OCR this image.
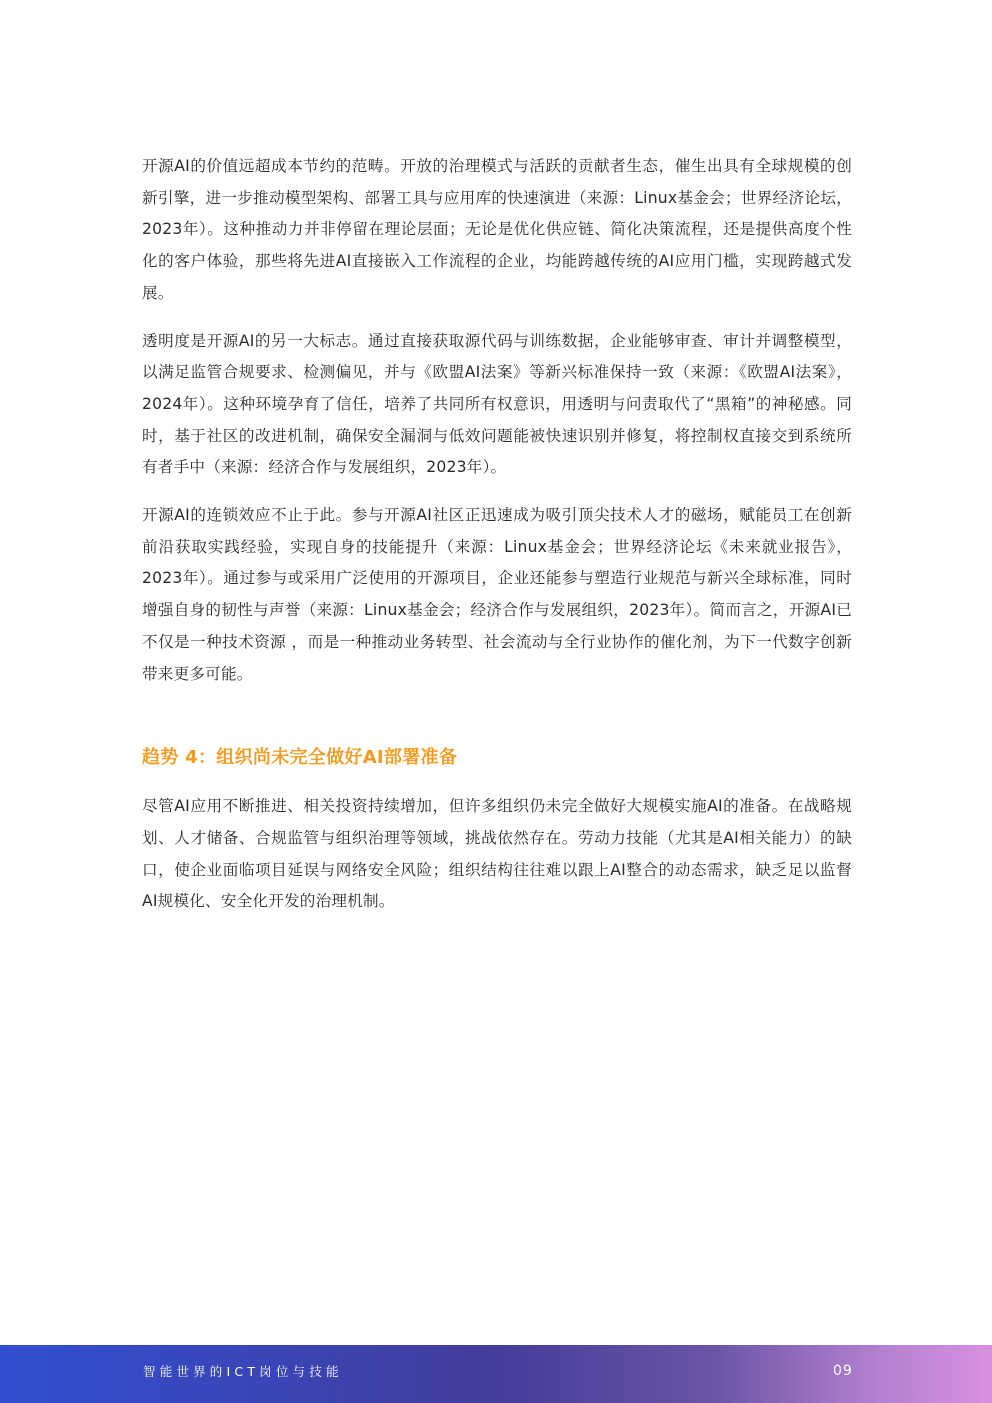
开源AI的价值远超成本节约的范畴。开放的治理模式与活跃的贡献者生态，催生出具有全球规模的创新引擎，进一步推动模型架构、部署工具与应用库的快速演进（来源：Linux基金会；世界经济论坛，2023年）。这种推动力并非停留在理论层面；无论是优化供应链、简化决策流程，还是提供高度个性化的客户体验，那些将先进AI直接嵌入工作流程的企业，均能跨越传统的AI应用门槛，实现跨越式发展。

透明度是开源AI的另一大标志。通过直接获取源代码与训练数据，企业能够审查、审计并调整模型，以满足监管合规要求、检测偏见，并与《欧盟AI法案》等新兴标准保持一致（来源：《欧盟AI法案》，2024年）。这种环境孕育了信任，培养了共同所有权意识，用透明与问责取代了“黑箱”的神秘感。同时，基于社区的改进机制，确保安全漏洞与低效问题能被快速识别并修复，将控制权直接交到系统所有者手中（来源：经济合作与发展组织，2023年）。

开源AI的连锁效应不止于此。参与开源AI社区正迅速成为吸引顶尖技术人才的磁场，赋能员工在创新前沿获取实践经验，实现自身的技能提升（来源：Linux基金会；世界经济论坛《未来就业报告》，2023年）。通过参与或采用广泛使用的开源项目，企业还能参与塑造行业规范与新兴全球标准，同时增强自身的韧性与声誉（来源：Linux基金会；经济合作与发展组织，2023年）。简而言之，开源AI已不仅是一种技术资源 ，而是一种推动业务转型、社会流动与全行业协作的催化剂，为下一代数字创新带来更多可能。

趋势 4：组织尚未完全做好AI部署准备

尽管AI应用不断推进、相关投资持续增加，但许多组织仍未完全做好大规模实施AI的准备。在战略规划、人才储备、合规监管与组织治理等领域，挑战依然存在。劳动力技能（尤其是AI相关能力）的缺口，使企业面临项目延误与网络安全风险；组织结构往往难以跟上AI整合的动态需求，缺乏足以监督AI规模化、安全化开发的治理机制。

智能世界的ICT岗位与技能	09
